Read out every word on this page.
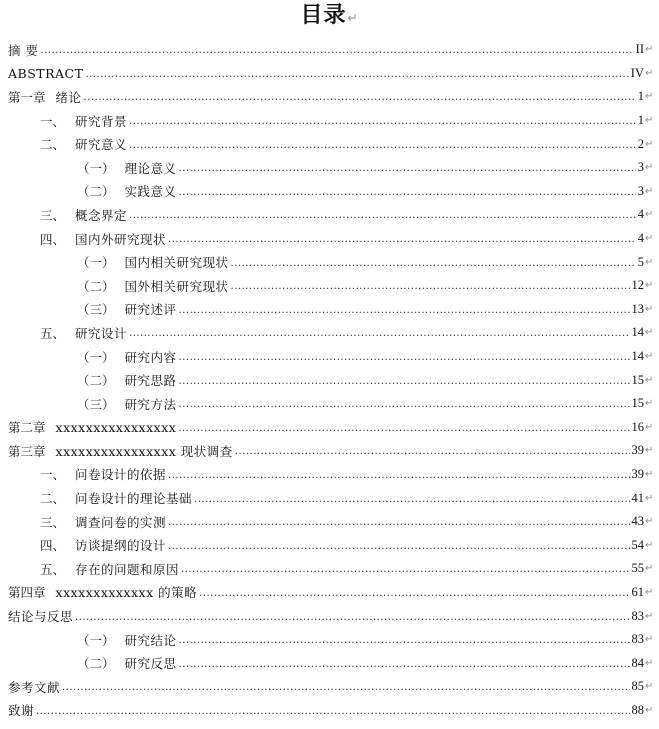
目录↵
摘 要 .....	II ↵
ABSTRACT .....	IV ↵
第一章 绪论 .....	1 ↵
一、 研究背景 .....	1 ↵
二、 研究意义 .....	2 ↵
（一） 理论意义 .....	3 ↵
（二） 实践意义 .....	3 ↵
三、 概念界定 .....	4 ↵
四、 国内外研究现状 .....	4 ↵
（一） 国内相关研究现状 .....	5 ↵
（二） 国外相关研究现状 .....	12 ↵
（三） 研究述评 .....	13 ↵
五、 研究设计 .....	14 ↵
（一） 研究内容 .....	14 ↵
（二） 研究思路 .....	15 ↵
（三） 研究方法 .....	15 ↵
第二章 xxxxxxxxxxxxxxxx .....	16 ↵
第三章 xxxxxxxxxxxxxxxx 现状调查 .....	39 ↵
一、 问卷设计的依据 .....	39 ↵
二、 问卷设计的理论基础 .....	41 ↵
三、 调查问卷的实测 .....	43 ↵
四、 访谈提纲的设计 .....	54 ↵
五、 存在的问题和原因 .....	55 ↵
第四章 xxxxxxxxxxxxx 的策略 .....	61 ↵
结论与反思 .....	83 ↵
（一） 研究结论 .....	83 ↵
（二） 研究反思 .....	84 ↵
参考文献 .....	85 ↵
致谢 .....	88 ↵
